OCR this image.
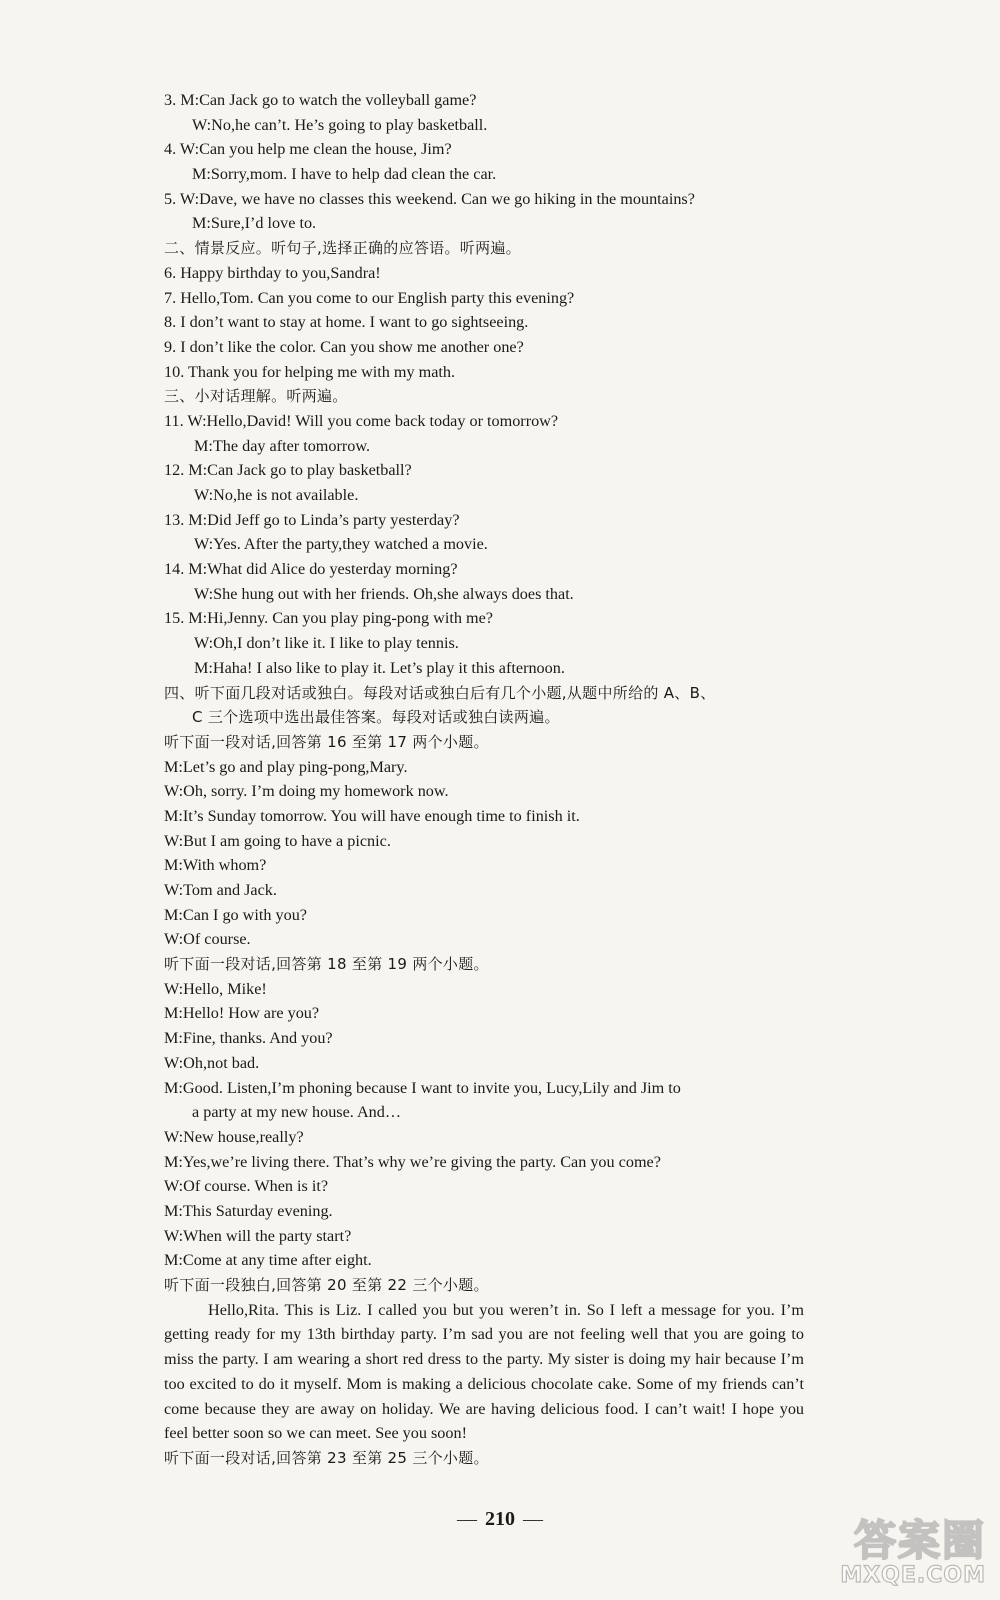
3. M:Can Jack go to watch the volleyball game?
W:No,he can’t. He’s going to play basketball.
4. W:Can you help me clean the house, Jim?
M:Sorry,mom. I have to help dad clean the car.
5. W:Dave, we have no classes this weekend. Can we go hiking in the mountains?
M:Sure,I’d love to.
二、情景反应。听句子,选择正确的应答语。听两遍。
6. Happy birthday to you,Sandra!
7. Hello,Tom. Can you come to our English party this evening?
8. I don’t want to stay at home. I want to go sightseeing.
9. I don’t like the color. Can you show me another one?
10. Thank you for helping me with my math.
三、小对话理解。听两遍。
11. W:Hello,David! Will you come back today or tomorrow?
M:The day after tomorrow.
12. M:Can Jack go to play basketball?
W:No,he is not available.
13. M:Did Jeff go to Linda’s party yesterday?
W:Yes. After the party,they watched a movie.
14. M:What did Alice do yesterday morning?
W:She hung out with her friends. Oh,she always does that.
15. M:Hi,Jenny. Can you play ping-pong with me?
W:Oh,I don’t like it. I like to play tennis.
M:Haha! I also like to play it. Let’s play it this afternoon.
四、听下面几段对话或独白。每段对话或独白后有几个小题,从题中所给的 A、B、
C 三个选项中选出最佳答案。每段对话或独白读两遍。
听下面一段对话,回答第 16 至第 17 两个小题。
M:Let’s go and play ping-pong,Mary.
W:Oh, sorry. I’m doing my homework now.
M:It’s Sunday tomorrow. You will have enough time to finish it.
W:But I am going to have a picnic.
M:With whom?
W:Tom and Jack.
M:Can I go with you?
W:Of course.
听下面一段对话,回答第 18 至第 19 两个小题。
W:Hello, Mike!
M:Hello! How are you?
M:Fine, thanks. And you?
W:Oh,not bad.
M:Good. Listen,I’m phoning because I want to invite you, Lucy,Lily and Jim to
a party at my new house. And…
W:New house,really?
M:Yes,we’re living there. That’s why we’re giving the party. Can you come?
W:Of course. When is it?
M:This Saturday evening.
W:When will the party start?
M:Come at any time after eight.
听下面一段独白,回答第 20 至第 22 三个小题。

Hello,Rita. This is Liz. I called you but you weren’t in. So I left a message for you. I’m getting ready for my 13th birthday party. I’m sad you are not feeling well that you are going to miss the party. I am wearing a short red dress to the party. My sister is doing my hair because I’m too excited to do it myself. Mom is making a delicious chocolate cake. Some of my friends can’t come because they are away on holiday. We are having delicious food. I can’t wait! I hope you feel better soon so we can meet. See you soon!

听下面一段对话,回答第 23 至第 25 三个小题。
— 210 —	答案圈
MXQE.COM
